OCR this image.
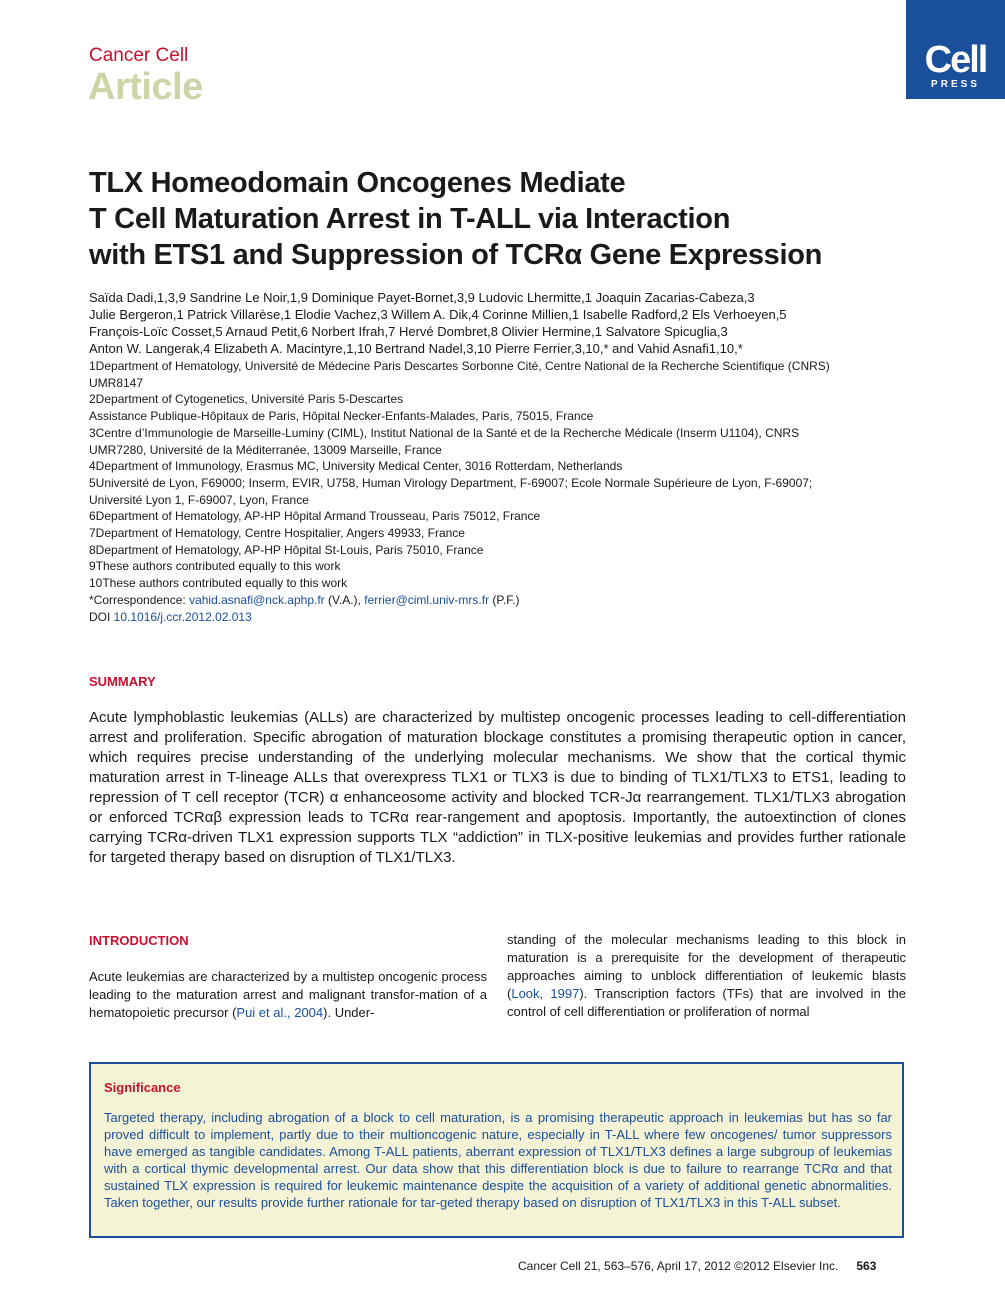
Cancer Cell
Article
Cell
PRESS
TLX Homeodomain Oncogenes Mediate
T Cell Maturation Arrest in T-ALL via Interaction
with ETS1 and Suppression of TCRα Gene Expression
Saïda Dadi,1,3,9 Sandrine Le Noir,1,9 Dominique Payet-Bornet,3,9 Ludovic Lhermitte,1 Joaquin Zacarias-Cabeza,3
Julie Bergeron,1 Patrick Villarèse,1 Elodie Vachez,3 Willem A. Dik,4 Corinne Millien,1 Isabelle Radford,2 Els Verhoeyen,5
François-Loïc Cosset,5 Arnaud Petit,6 Norbert Ifrah,7 Hervé Dombret,8 Olivier Hermine,1 Salvatore Spicuglia,3
Anton W. Langerak,4 Elizabeth A. Macintyre,1,10 Bertrand Nadel,3,10 Pierre Ferrier,3,10,* and Vahid Asnafi1,10,*
1Department of Hematology, Université de Médecine Paris Descartes Sorbonne Cité, Centre National de la Recherche Scientifique (CNRS)
UMR8147
2Department of Cytogenetics, Université Paris 5-Descartes
Assistance Publique-Hôpitaux de Paris, Hôpital Necker-Enfants-Malades, Paris, 75015, France
3Centre d’Immunologie de Marseille-Luminy (CIML), Institut National de la Santé et de la Recherche Médicale (Inserm U1104), CNRS
UMR7280, Université de la Méditerranée, 13009 Marseille, France
4Department of Immunology, Erasmus MC, University Medical Center, 3016 Rotterdam, Netherlands
5Université de Lyon, F69000; Inserm, EVIR, U758, Human Virology Department, F-69007; Ecole Normale Supérieure de Lyon, F-69007;
Université Lyon 1, F-69007, Lyon, France
6Department of Hematology, AP-HP Hôpital Armand Trousseau, Paris 75012, France
7Department of Hematology, Centre Hospitalier, Angers 49933, France
8Department of Hematology, AP-HP Hôpital St-Louis, Paris 75010, France
9These authors contributed equally to this work
10These authors contributed equally to this work
*Correspondence: vahid.asnafi@nck.aphp.fr (V.A.), ferrier@ciml.univ-mrs.fr (P.F.)
DOI 10.1016/j.ccr.2012.02.013
SUMMARY
Acute lymphoblastic leukemias (ALLs) are characterized by multistep oncogenic processes leading to cell-differentiation arrest and proliferation. Specific abrogation of maturation blockage constitutes a promising therapeutic option in cancer, which requires precise understanding of the underlying molecular mechanisms. We show that the cortical thymic maturation arrest in T-lineage ALLs that overexpress TLX1 or TLX3 is due to binding of TLX1/TLX3 to ETS1, leading to repression of T cell receptor (TCR) α enhanceosome activity and blocked TCR-Jα rearrangement. TLX1/TLX3 abrogation or enforced TCRαβ expression leads to TCRα rear-rangement and apoptosis. Importantly, the autoextinction of clones carrying TCRα-driven TLX1 expression supports TLX “addiction” in TLX-positive leukemias and provides further rationale for targeted therapy based on disruption of TLX1/TLX3.
INTRODUCTION
Acute leukemias are characterized by a multistep oncogenic process leading to the maturation arrest and malignant transfor-mation of a hematopoietic precursor (Pui et al., 2004). Under-
standing of the molecular mechanisms leading to this block in maturation is a prerequisite for the development of therapeutic approaches aiming to unblock differentiation of leukemic blasts (Look, 1997). Transcription factors (TFs) that are involved in the control of cell differentiation or proliferation of normal
Significance
Targeted therapy, including abrogation of a block to cell maturation, is a promising therapeutic approach in leukemias but has so far proved difficult to implement, partly due to their multioncogenic nature, especially in T-ALL where few oncogenes/ tumor suppressors have emerged as tangible candidates. Among T-ALL patients, aberrant expression of TLX1/TLX3 defines a large subgroup of leukemias with a cortical thymic developmental arrest. Our data show that this differentiation block is due to failure to rearrange TCRα and that sustained TLX expression is required for leukemic maintenance despite the acquisition of a variety of additional genetic abnormalities. Taken together, our results provide further rationale for tar-geted therapy based on disruption of TLX1/TLX3 in this T-ALL subset.
Cancer Cell 21, 563–576, April 17, 2012 ©2012 Elsevier Inc. 563
